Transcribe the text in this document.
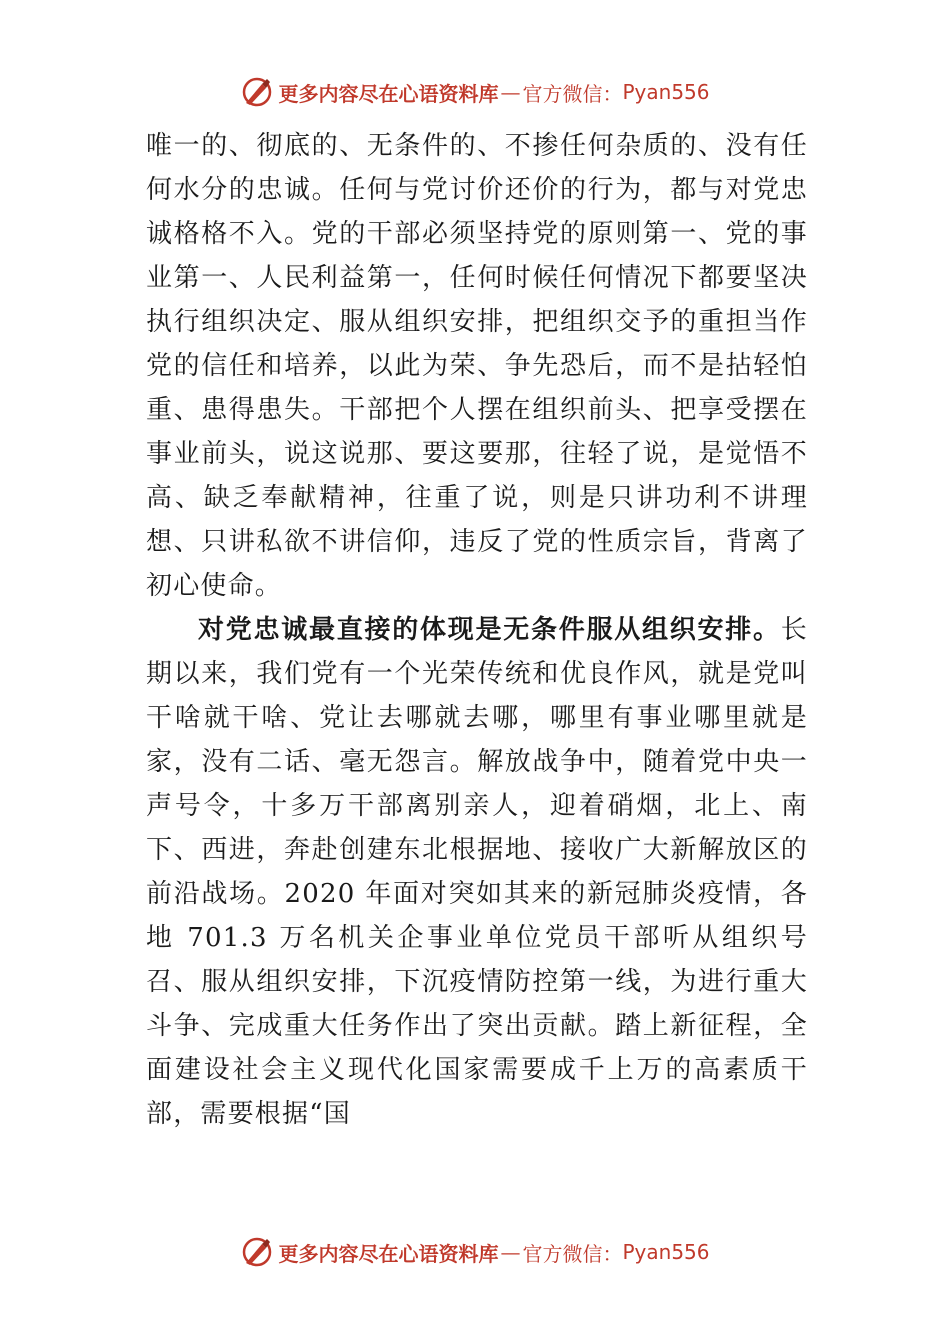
更多内容尽在心语资料库 — 官方微信： Pyan556

唯一的、彻底的、无条件的、不掺任何杂质的、没有任何水分的忠诚。任何与党讨价还价的行为，都与对党忠诚格格不入。党的干部必须坚持党的原则第一、党的事业第一、人民利益第一，任何时候任何情况下都要坚决执行组织决定、服从组织安排，把组织交予的重担当作党的信任和培养，以此为荣、争先恐后，而不是拈轻怕重、患得患失。干部把个人摆在组织前头、把享受摆在事业前头，说这说那、要这要那，往轻了说，是觉悟不高、缺乏奉献精神，往重了说，则是只讲功利不讲理想、只讲私欲不讲信仰，违反了党的性质宗旨，背离了初心使命。

对党忠诚最直接的体现是无条件服从组织安排。长期以来，我们党有一个光荣传统和优良作风，就是党叫干啥就干啥、党让去哪就去哪，哪里有事业哪里就是家，没有二话、毫无怨言。解放战争中，随着党中央一声号令，十多万干部离别亲人，迎着硝烟，北上、南下、西进，奔赴创建东北根据地、接收广大新解放区的前沿战场。2020 年面对突如其来的新冠肺炎疫情，各地 701.3 万名机关企事业单位党员干部听从组织号召、服从组织安排，下沉疫情防控第一线，为进行重大斗争、完成重大任务作出了突出贡献。踏上新征程，全面建设社会主义现代化国家需要成千上万的高素质干部，需要根据“国

更多内容尽在心语资料库 — 官方微信： Pyan556
